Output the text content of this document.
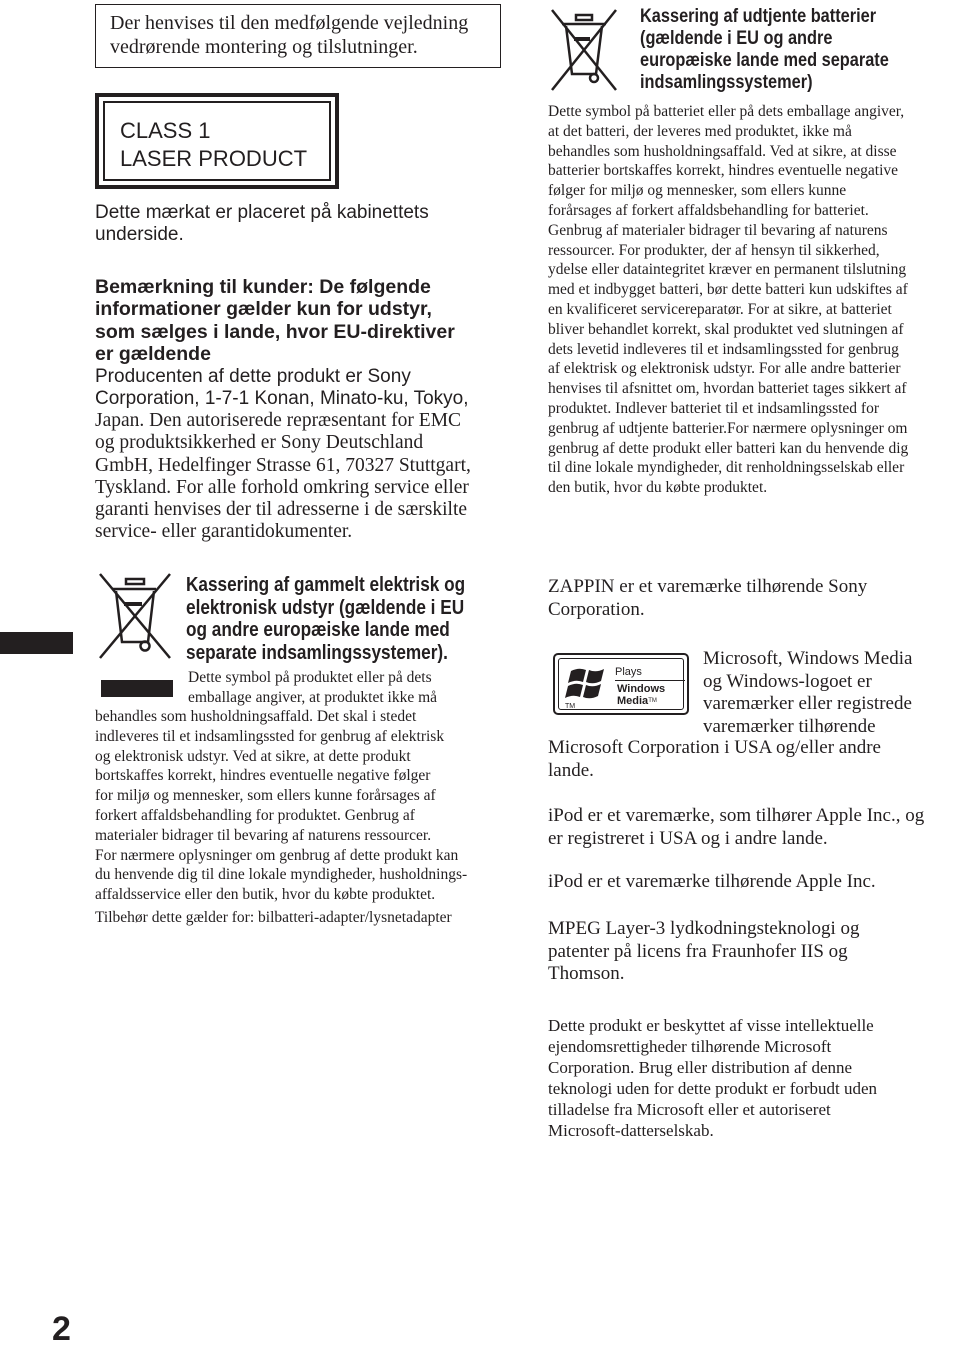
Der henvises til den medfølgende vejledning
vedrørende montering og tilslutninger.
CLASS 1
LASER PRODUCT
Dette mærkat er placeret på kabinettets
underside.
Bemærkning til kunder: De følgende
informationer gælder kun for udstyr,
som sælges i lande, hvor EU-direktiver
er gældende
Producenten af dette produkt er Sony
Corporation, 1-7-1 Konan, Minato-ku, Tokyo,
Japan. Den autoriserede repræsentant for EMC
og produktsikkerhed er Sony Deutschland
GmbH, Hedelfinger Strasse 61, 70327 Stuttgart,
Tyskland. For alle forhold omkring service eller
garanti henvises der til adresserne i de særskilte
service- eller garantidokumenter.
Kassering af gammelt elektrisk og
elektronisk udstyr (gældende i EU
og andre europæiske lande med
separate indsamlingssystemer).
Dette symbol på produktet eller på dets
emballage angiver, at produktet ikke må
behandles som husholdningsaffald. Det skal i stedet
indleveres til et indsamlingssted for genbrug af elektrisk
og elektronisk udstyr. Ved at sikre, at dette produkt
bortskaffes korrekt, hindres eventuelle negative følger
for miljø og mennesker, som ellers kunne forårsages af
forkert affaldsbehandling for produktet. Genbrug af
materialer bidrager til bevaring af naturens ressourcer.
For nærmere oplysninger om genbrug af dette produkt kan
du henvende dig til dine lokale myndigheder, husholdnings-
affaldsservice eller den butik, hvor du købte produktet.
Tilbehør dette gælder for: bilbatteri-adapter/lysnetadapter
2
Kassering af udtjente batterier
(gældende i EU og andre
europæiske lande med separate
indsamlingssystemer)
Dette symbol på batteriet eller på dets emballage angiver,
at det batteri, der leveres med produktet, ikke må
behandles som husholdningsaffald. Ved at sikre, at disse
batterier bortskaffes korrekt, hindres eventuelle negative
følger for miljø og mennesker, som ellers kunne
forårsages af forkert affaldsbehandling for batteriet.
Genbrug af materialer bidrager til bevaring af naturens
ressourcer. For produkter, der af hensyn til sikkerhed,
ydelse eller dataintegritet kræver en permanent tilslutning
med et indbygget batteri, bør dette batteri kun udskiftes af
en kvalificeret servicereparatør. For at sikre, at batteriet
bliver behandlet korrekt, skal produktet ved slutningen af
dets levetid indleveres til et indsamlingssted for genbrug
af elektrisk og elektronisk udstyr. For alle andre batterier
henvises til afsnittet om, hvordan batteriet tages sikkert af
produktet. Indlever batteriet til et indsamlingssted for
genbrug af udtjente batterier.For nærmere oplysninger om
genbrug af dette produkt eller batteri kan du henvende dig
til dine lokale myndigheder, dit renholdningsselskab eller
den butik, hvor du købte produktet.
ZAPPIN er et varemærke tilhørende Sony
Corporation.
TM
Plays
Windows
Media™
Microsoft, Windows Media
og Windows-logoet er
varemærker eller registrede
varemærker tilhørende
Microsoft Corporation i USA og/eller andre
lande.
iPod er et varemærke, som tilhører Apple Inc., og
er registreret i USA og i andre lande.
iPod er et varemærke tilhørende Apple Inc.
MPEG Layer-3 lydkodningsteknologi og
patenter på licens fra Fraunhofer IIS og
Thomson.
Dette produkt er beskyttet af visse intellektuelle
ejendomsrettigheder tilhørende Microsoft
Corporation. Brug eller distribution af denne
teknologi uden for dette produkt er forbudt uden
tilladelse fra Microsoft eller et autoriseret
Microsoft-datterselskab.
